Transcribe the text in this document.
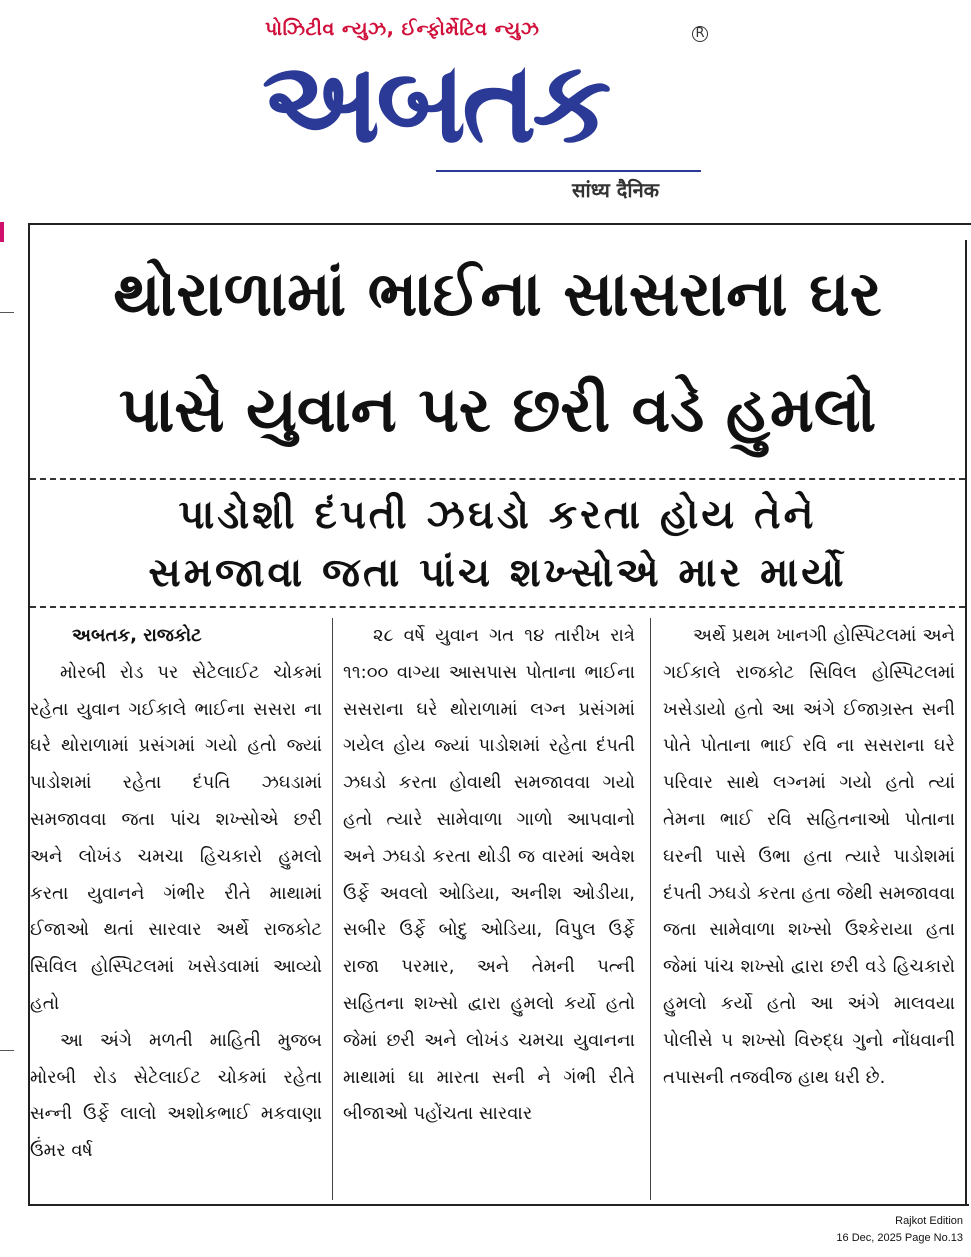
પોઝિટીવ ન્યુઝ, ઈન્ફોર્મેટિવ ન્યુઝ
અબતક
R
सांध्य दैनिक
થોરાળામાં ભાઈના સાસરાના ઘર
પાસે યુવાન પર છરી વડે હુમલો
પાડોશી દંપતી ઝઘડો કરતા હોય તેને
સમજાવા જતા પાંચ શખ્સોએ માર માર્યો

અબતક, રાજકોટ

મોરબી રોડ પર સેટેલાઈટ ચોકમાં રહેતા યુવાન ગઈકાલે ભાઈના સસરા ના ઘરે થોરાળામાં પ્રસંગમાં ગયો હતો જ્યાં પાડોશમાં રહેતા દંપતિ ઝઘડામાં સમજાવવા જતા પાંચ શખ્સોએ છરી અને લોખંડ ચમચા હિચકારો હુમલો કરતા યુવાનને ગંભીર રીતે માથામાં ઈજાઓ થતાં સારવાર અર્થે રાજકોટ સિવિલ હોસ્પિટલમાં ખસેડવામાં આવ્યો હતો

આ અંગે મળતી માહિતી મુજબ મોરબી રોડ સેટેલાઈટ ચોકમાં રહેતા સન્ની ઉર્ફે લાલો અશોકભાઈ મકવાણા ઉંમર વર્ષ

૨૮ વર્ષે યુવાન ગત ૧૪ તારીખ રાત્રે ૧૧:૦૦ વાગ્યા આસપાસ પોતાના ભાઈના સસરાના ઘરે થોરાળામાં લગ્ન પ્રસંગમાં ગયેલ હોય જ્યાં પાડોશમાં રહેતા દંપતી ઝઘડો કરતા હોવાથી સમજાવવા ગયો હતો ત્યારે સામેવાળા ગાળો આપવાનો અને ઝઘડો કરતા થોડી જ વારમાં અવેશ ઉર્ફે અવલો ઓડિયા, અનીશ ઓડીયા, સબીર ઉર્ફે બોદુ ઓડિયા, વિપુલ ઉર્ફે રાજા પરમાર, અને તેમની પત્ની સહિતના શખ્સો દ્વારા હુમલો કર્યો હતો જેમાં છરી અને લોખંડ ચમચા યુવાનના માથામાં ઘા મારતા સની ને ગંભી રીતે બીજાઓ પહોંચતા સારવાર

અર્થે પ્રથમ ખાનગી હોસ્પિટલમાં અને ગઈકાલે રાજકોટ સિવિલ હોસ્પિટલમાં ખસેડાયો હતો આ અંગે ઈજાગ્રસ્ત સની પોતે પોતાના ભાઈ રવિ ના સસરાના ઘરે પરિવાર સાથે લગ્નમાં ગયો હતો ત્યાં તેમના ભાઈ રવિ સહિતનાઓ પોતાના ઘરની પાસે ઉભા હતા ત્યારે પાડોશમાં દંપતી ઝઘડો કરતા હતા જેથી સમજાવવા જતા સામેવાળા શખ્સો ઉશ્કેરાયા હતા જેમાં પાંચ શખ્સો દ્વારા છરી વડે હિચકારો હુમલો કર્યો હતો આ અંગે માલવયા પોલીસે ૫ શખ્સો વિરુદ્ધ ગુનો નોંધવાની તપાસની તજવીજ હાથ ધરી છે.

Rajkot Edition
16 Dec, 2025 Page No.13
